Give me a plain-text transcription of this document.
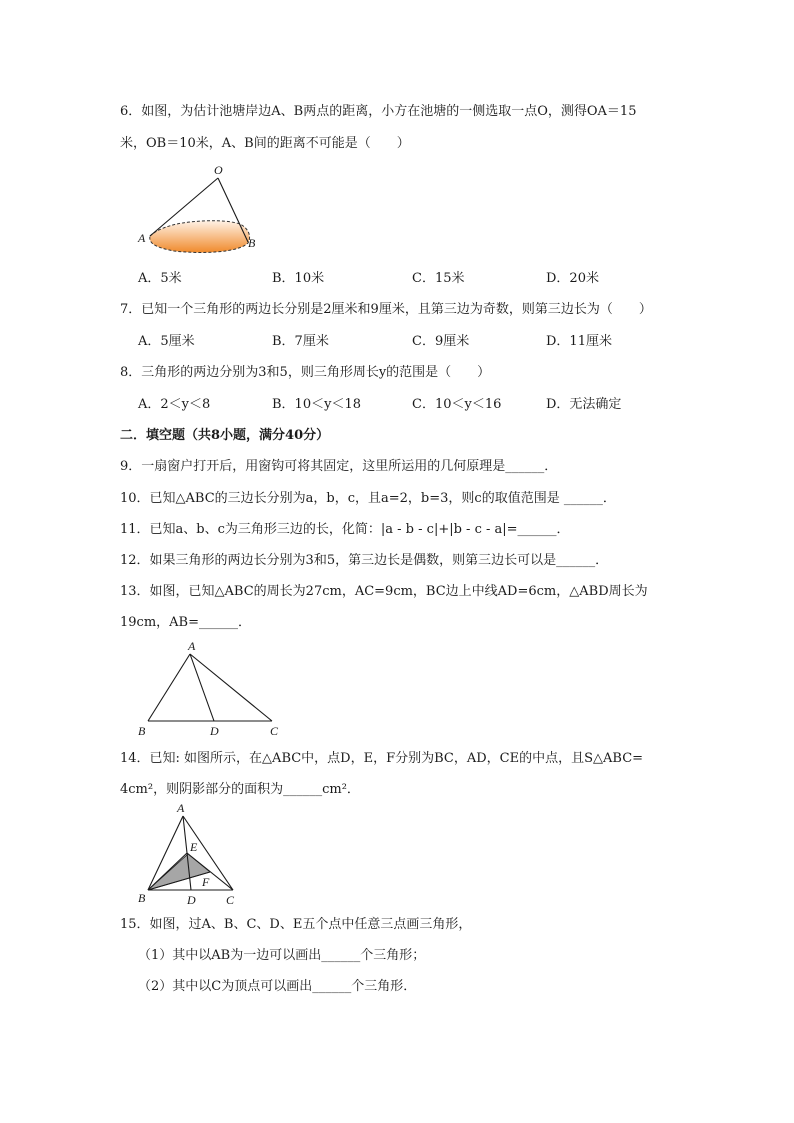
6．如图，为估计池塘岸边A、B两点的距离，小方在池塘的一侧选取一点O，测得OA＝15
米，OB＝10米，A、B间的距离不可能是（　　）
O
A	B
A．5米	B．10米	C．15米	D．20米
7．已知一个三角形的两边长分别是2厘米和9厘米，且第三边为奇数，则第三边长为（　　）
A．5厘米	B．7厘米	C．9厘米	D．11厘米
8．三角形的两边分别为3和5，则三角形周长y的范围是（　　）
A．2＜y＜8	B．10＜y＜18	C．10＜y＜16	D．无法确定
二．填空题（共8小题，满分40分）
9．一扇窗户打开后，用窗钩可将其固定，这里所运用的几何原理是______．
10．已知△ABC的三边长分别为a，b，c，且a=2，b=3，则c的取值范围是 ______．
11．已知a、b、c为三角形三边的长，化简：|a - b - c|+|b - c - a|=______．
12．如果三角形的两边长分别为3和5，第三边长是偶数，则第三边长可以是______．
13．如图，已知△ABC的周长为27cm，AC=9cm，BC边上中线AD=6cm，△ABD周长为
19cm，AB=______．
A
B	D	C
14．已知: 如图所示，在△ABC中，点D，E，F分别为BC，AD，CE的中点，且S△ABC=
4cm²，则阴影部分的面积为______cm²．
A
E
F
B	D	C
15．如图，过A、B、C、D、E五个点中任意三点画三角形，
（1）其中以AB为一边可以画出______个三角形；
（2）其中以C为顶点可以画出______个三角形．
